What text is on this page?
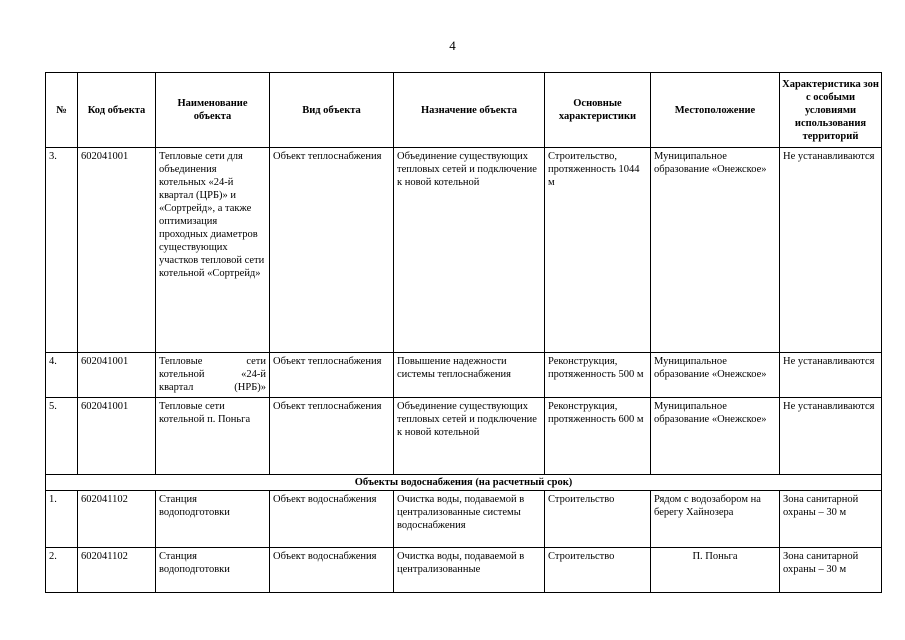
4
№	Код объекта	Наименование объекта	Вид объекта	Назначение объекта	Основные характеристики	Местоположение	Характеристика зон с особыми условиями использования территорий
3.	602041001	Тепловые сети для объединения котельных «24-й квартал (ЦРБ)» и «Сортрейд», а также оптимизация проходных диаметров существующих участков тепловой сети котельной «Сортрейд»	Объект теплоснабжения	Объединение существующих тепловых сетей и подключение к новой котельной	Строительство, протяженность 1044 м	Муниципальное образование «Онежское»	Не устанавливаются
4.	602041001	Тепловые сети котельной «24-й квартал (НРБ)»	Объект теплоснабжения	Повышение надежности системы теплоснабжения	Реконструкция, протяженность 500 м	Муниципальное образование «Онежское»	Не устанавливаются
5.	602041001	Тепловые сети котельной п. Поньга	Объект теплоснабжения	Объединение существующих тепловых сетей и подключение к новой котельной	Реконструкция, протяженность 600 м	Муниципальное образование «Онежское»	Не устанавливаются
Объекты водоснабжения (на расчетный срок)							
1.	602041102	Станция водоподготовки	Объект водоснабжения	Очистка воды, подаваемой в централизованные системы водоснабжения	Строительство	Рядом с водозабором на берегу Хайнозера	Зона санитарной охраны – 30 м
2.	602041102	Станция водоподготовки	Объект водоснабжения	Очистка воды, подаваемой в централизованные	Строительство	П. Поньга	Зона санитарной охраны – 30 м
